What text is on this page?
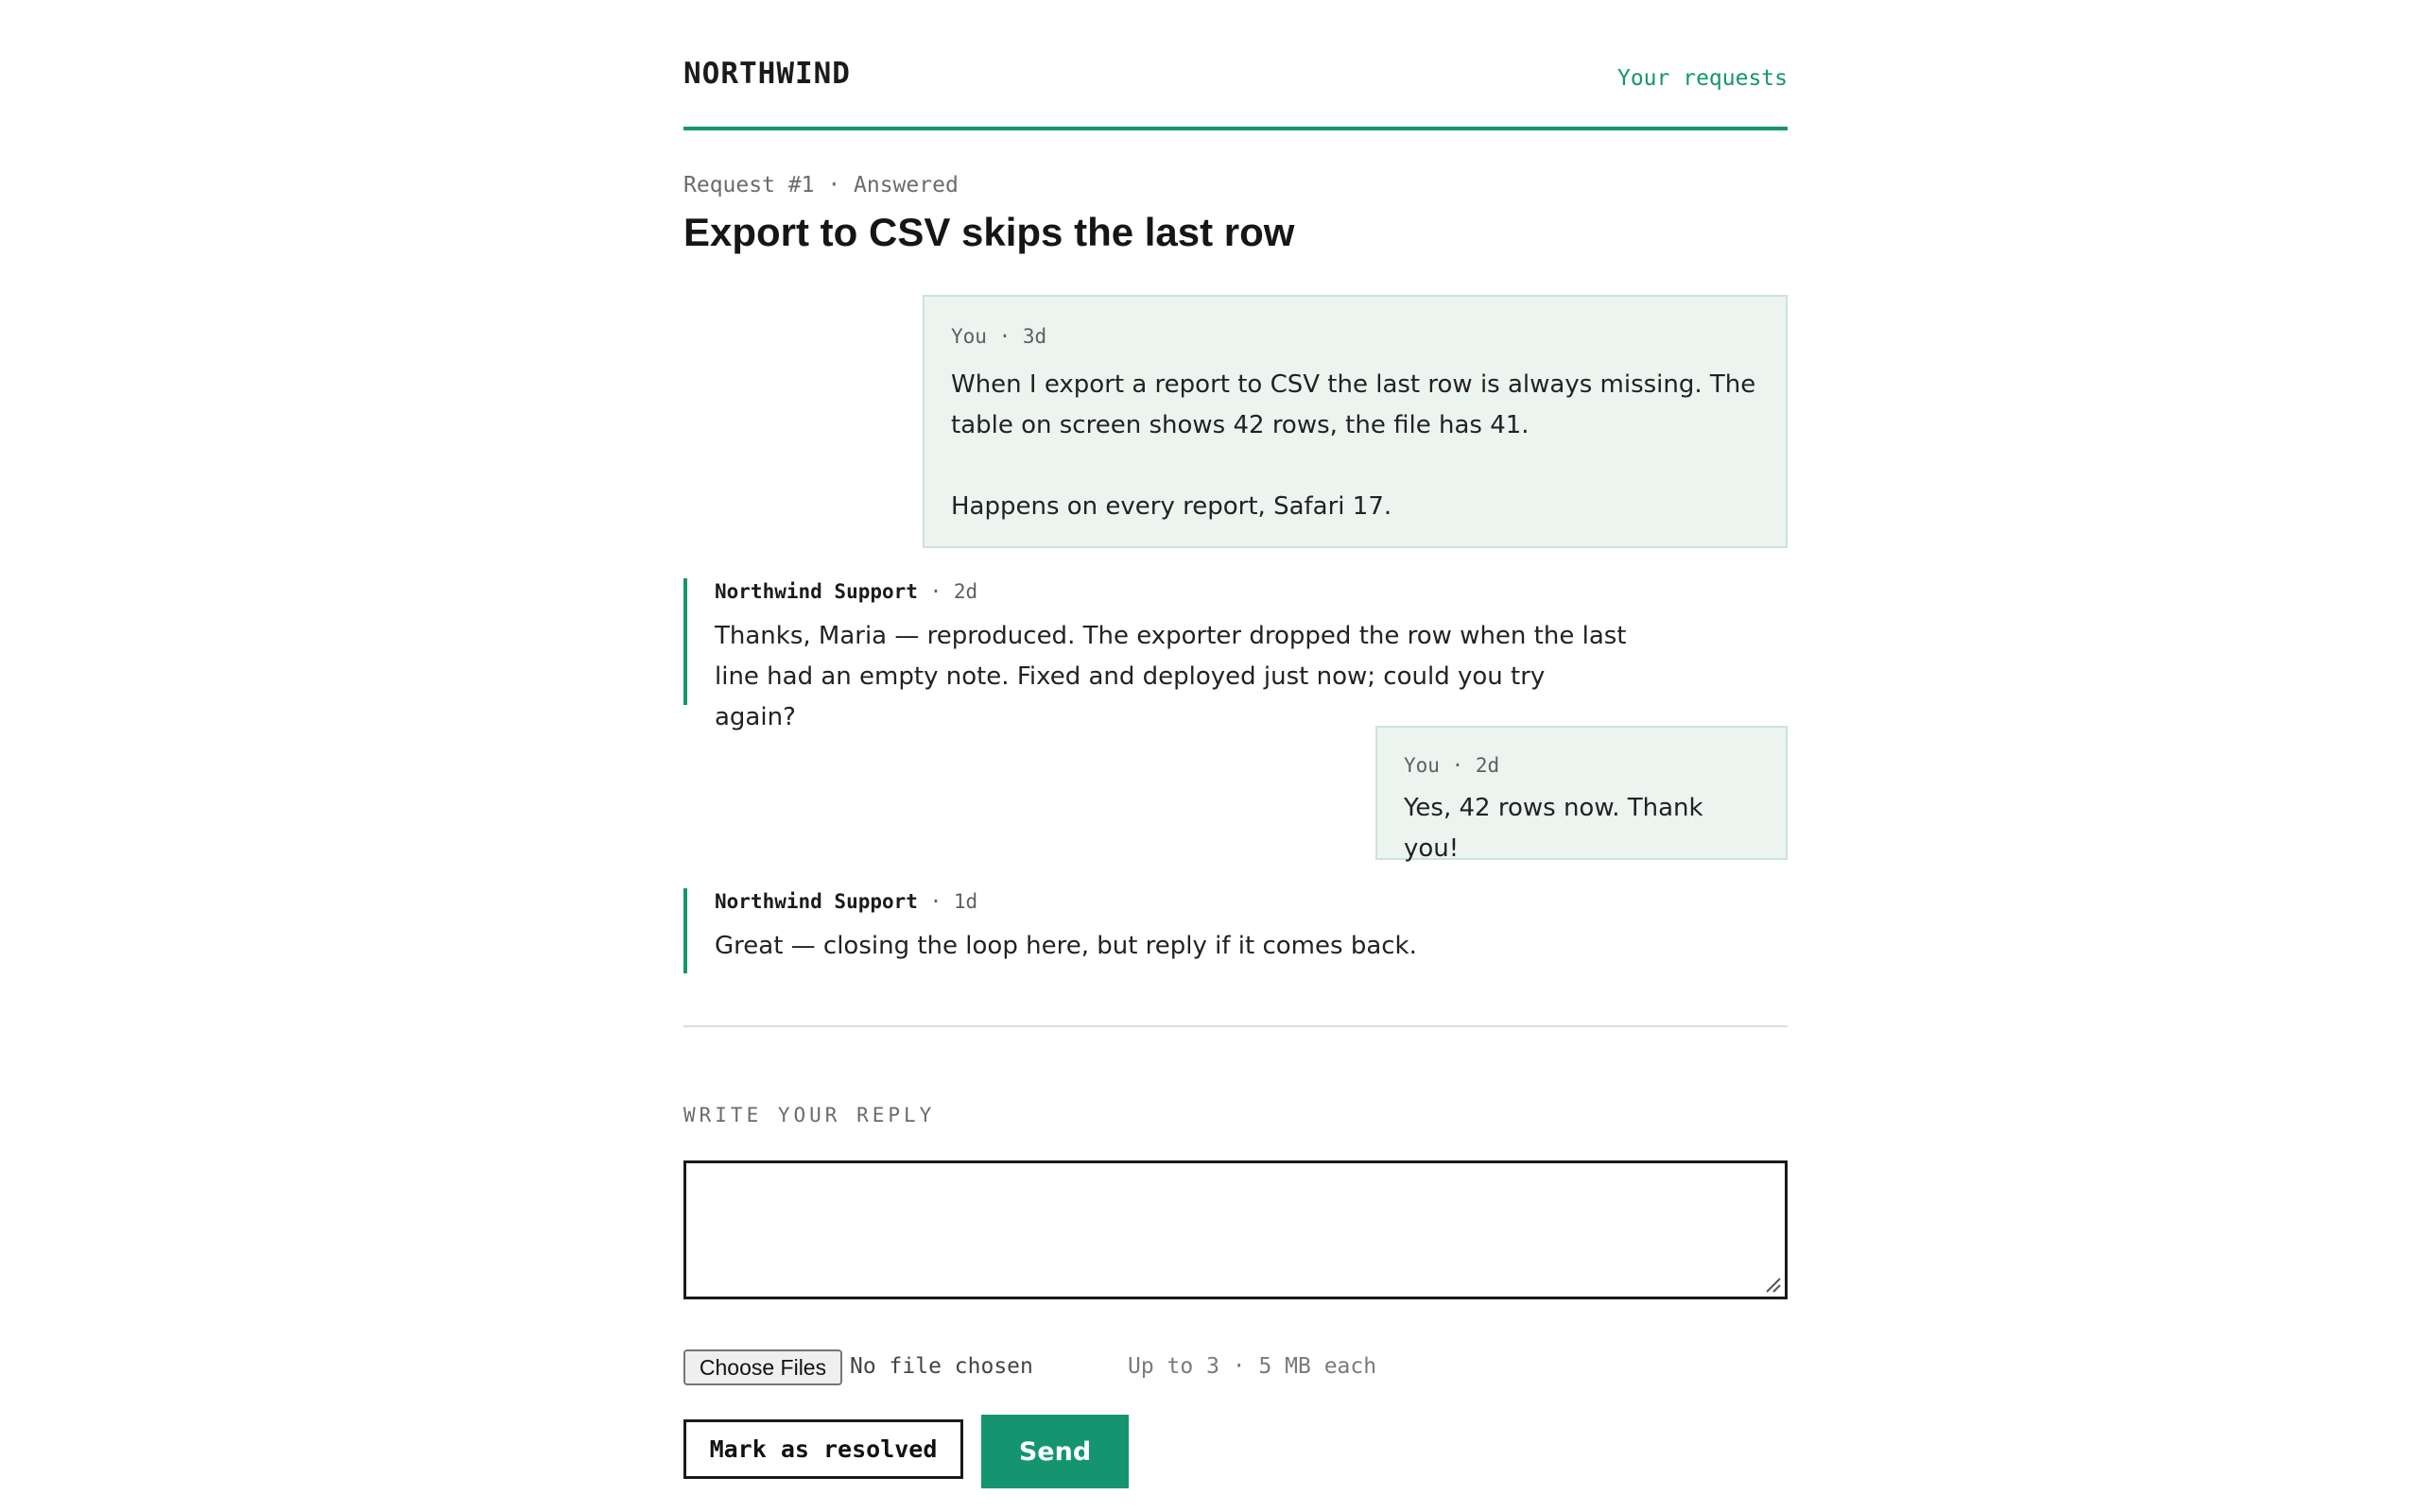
NORTHWIND	Your requests
Request #1 · Answered
Export to CSV skips the last row
You · 3d
When I export a report to CSV the last row is always missing. The
table on screen shows 42 rows, the file has 41.

Happens on every report, Safari 17.
Northwind Support · 2d
Thanks, Maria — reproduced. The exporter dropped the row when the last
line had an empty note. Fixed and deployed just now; could you try again?
You · 2d
Yes, 42 rows now. Thank you!
Northwind Support · 1d
Great — closing the loop here, but reply if it comes back.
WRITE YOUR REPLY
Choose Files	No file chosen	Up to 3 · 5 MB each
Mark as resolved	Send
